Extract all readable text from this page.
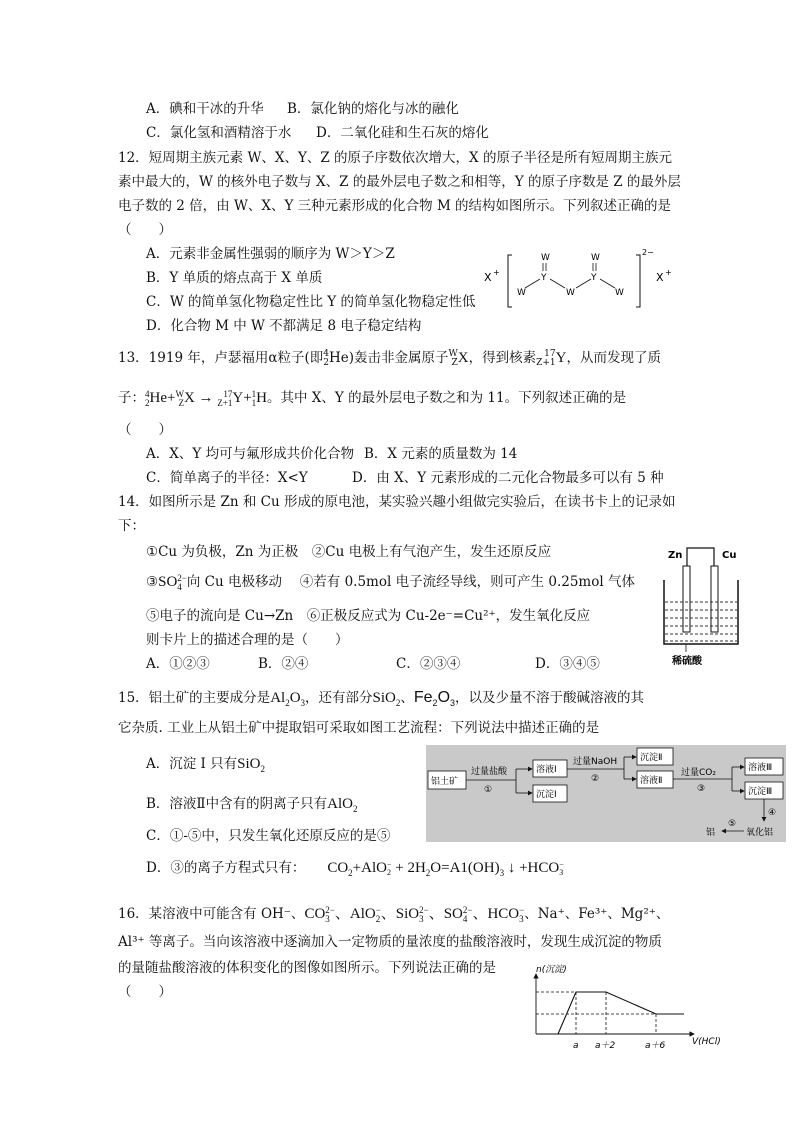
A．碘和干冰的升华 B．氯化钠的熔化与冰的融化
C．氯化氢和酒精溶于水 D．二氧化硅和生石灰的熔化
12．短周期主族元素 W、X、Y、Z 的原子序数依次增大，X 的原子半径是所有短周期主族元
素中最大的，W 的核外电子数与 X、Z 的最外层电子数之和相等，Y 的原子序数是 Z 的最外层
电子数的 2 倍，由 W、X、Y 三种元素形成的化合物 M 的结构如图所示。下列叙述正确的是
（　　）
A．元素非金属性强弱的顺序为 W＞Y＞Z
B．Y 单质的熔点高于 X 单质
C．W 的简单氢化物稳定性比 Y 的简单氢化物稳定性低
D．化合物 M 中 W 不都满足 8 电子稳定结构
X +
2−
X +
W
Y
W	W
W
Y
W
13．1919 年，卢瑟福用α粒子(即4
2He)轰击非金属原子W
ZX，得到核素 17
Z+1Y，从而发现了质
子：4
2He+W
ZX → 17
Z+1Y+1
1H。其中 X、Y 的最外层电子数之和为 11。下列叙述正确的是
（　　）
A．X、Y 均可与氟形成共价化合物 B．X 元素的质量数为 14
C．简单离子的半径：X<Y	D．由 X、Y 元素形成的二元化合物最多可以有 5 种
14．如图所示是 Zn 和 Cu 形成的原电池，某实验兴趣小组做完实验后，在读书卡上的记录如
下：
①Cu 为负极，Zn 为正极　②Cu 电极上有气泡产生，发生还原反应
③SO2−
4 向 Cu 电极移动　 ④若有 0.5mol 电子流经导线，则可产生 0.25mol 气体
⑤电子的流向是 Cu→Zn　⑥正极反应式为 Cu-2e⁻=Cu²⁺，发生氧化反应
则卡片上的描述合理的是（　　）
A．①②③	B．②④	C．②③④	D．③④⑤
Zn	Cu
稀硫酸
15．铝土矿的主要成分是$Al_2O_3$，还有部分SiO$_2$、$Fe_2O_3$，以及少量不溶于酸碱溶液的其
它杂质. 工业上从铝土矿中提取铝可采取如图工艺流程：下列说法中描述正确的是
A．沉淀 I 只有SiO$_2$
B．溶液Ⅱ中含有的阴离子只有AlO$_2$
C．①-⑤中，只发生氧化还原反应的是⑤
D．③的离子方程式只有： $CO_2+AlO-$
$2 + 2H_2O=A1(OH)_3$ ↓ +HCO−
3
铝土矿
过量盐酸
①
溶液Ⅰ
沉淀Ⅰ
过量NaOH
②
沉淀Ⅱ
溶液Ⅱ
过量CO₂
③
溶液Ⅲ
沉淀Ⅲ
④
氧化铝
⑤
铝
16．某溶液中可能含有 OH⁻、CO2−
3 、AlO−
2、SiO2−
3 、SO2−
4 、HCO−
3、Na⁺、Fe³⁺、Mg²⁺、
Al³⁺ 等离子。当向该溶液中逐滴加入一定物质的量浓度的盐酸溶液时，发现生成沉淀的物质
的量随盐酸溶液的体积变化的图像如图所示。下列说法正确的是
（　　）
n(沉淀)
V(HCl)
a a＋2	a＋6
